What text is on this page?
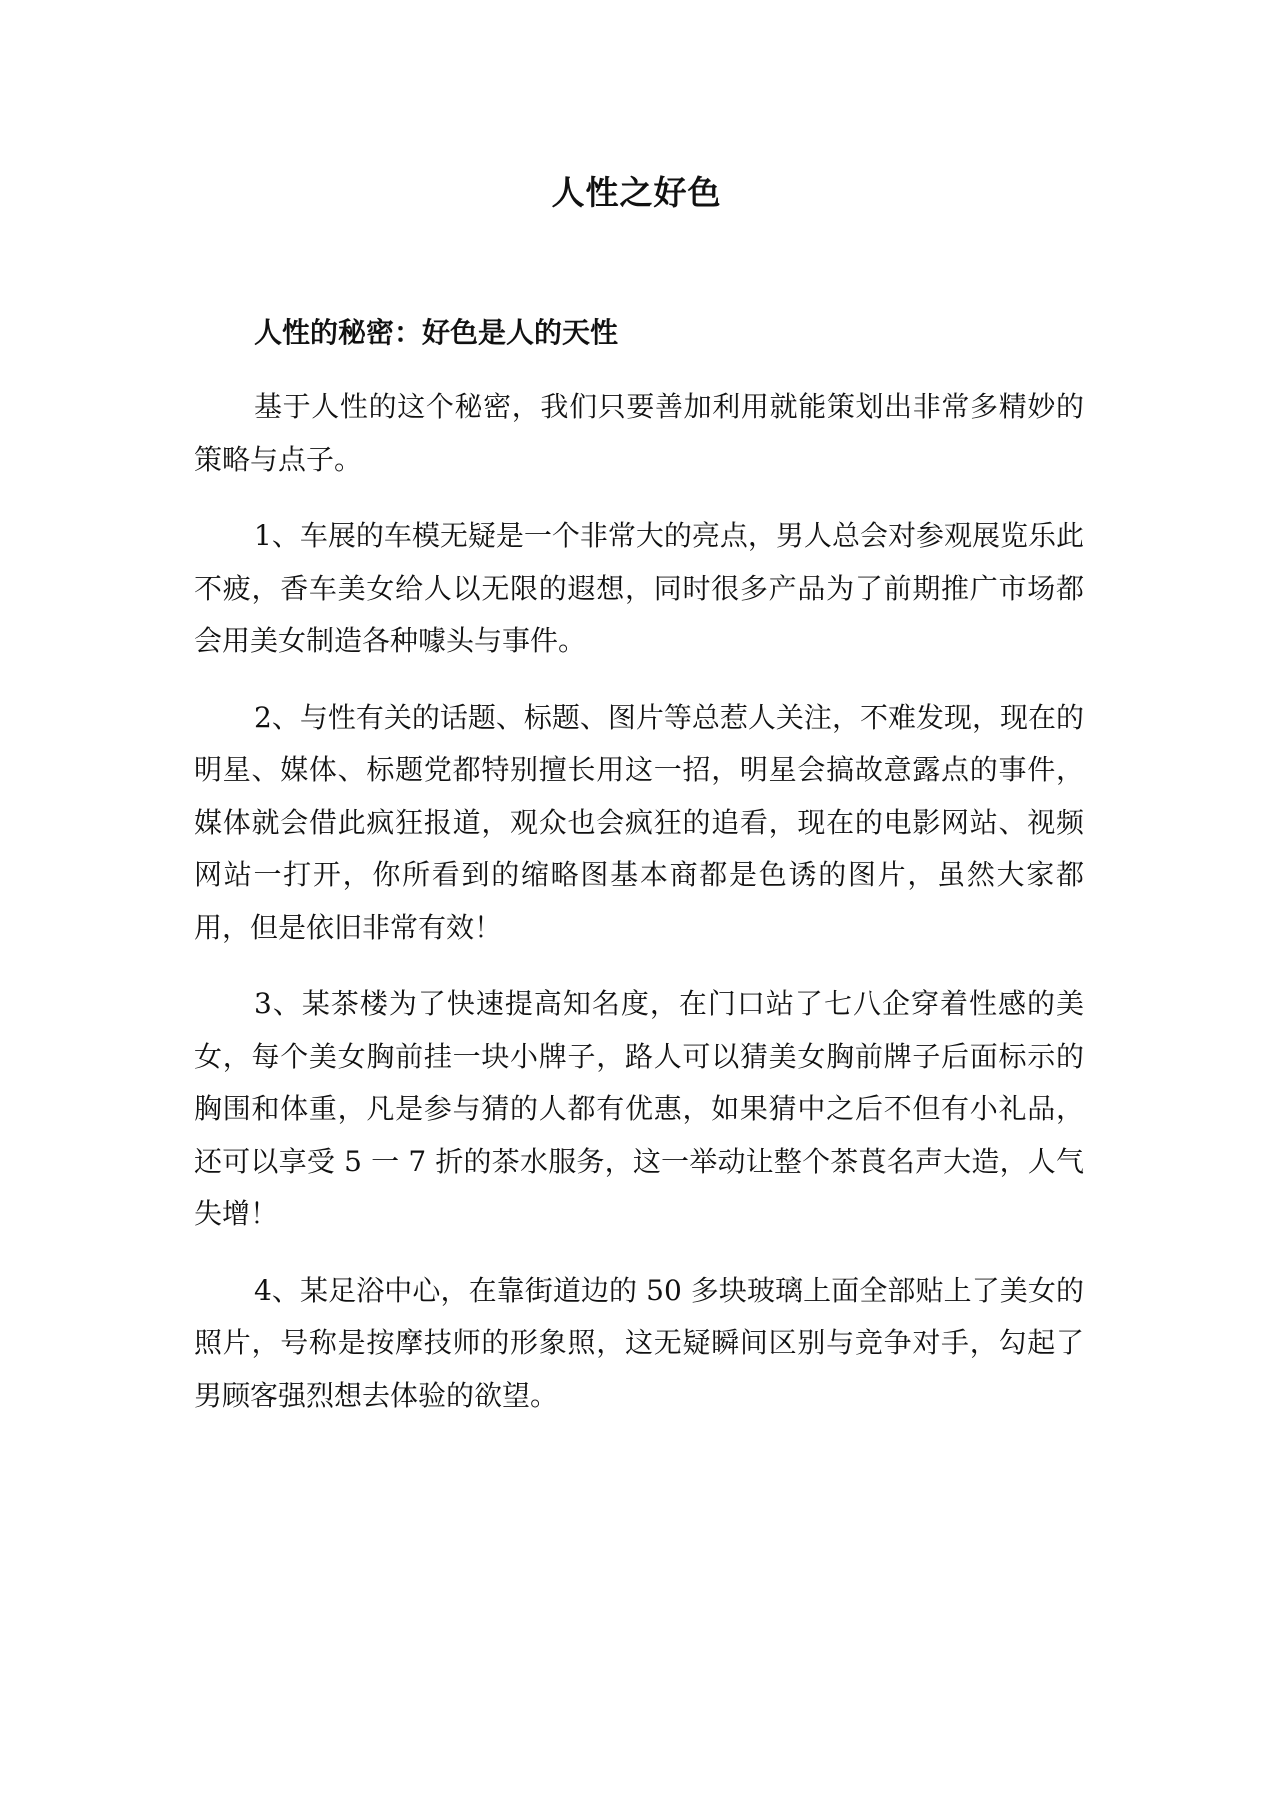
人性之好色
人性的秘密：好色是人的天性

基于人性的这个秘密，我们只要善加利用就能策划出非常多精妙的策略与点子。

1、车展的车模无疑是一个非常大的亮点，男人总会对参观展览乐此不疲，香车美女给人以无限的遐想，同时很多产品为了前期推广市场都会用美女制造各种噱头与事件。

2、与性有关的话题、标题、图片等总惹人关注，不难发现，现在的明星、媒体、标题党都特别擅长用这一招，明星会搞故意露点的事件，媒体就会借此疯狂报道，观众也会疯狂的追看，现在的电影网站、视频网站一打开，你所看到的缩略图基本商都是色诱的图片，虽然大家都用，但是依旧非常有效！

3、某茶楼为了快速提高知名度，在门口站了七八企穿着性感的美女，每个美女胸前挂一块小牌子，路人可以猜美女胸前牌子后面标示的胸围和体重，凡是参与猜的人都有优惠，如果猜中之后不但有小礼品，还可以享受 5 一 7 折的茶水服务，这一举动让整个茶莨名声大造，人气失增！

4、某足浴中心，在靠街道边的 50 多块玻璃上面全部贴上了美女的照片，号称是按摩技师的形象照，这无疑瞬间区别与竞争对手，勾起了男顾客强烈想去体验的欲望。
